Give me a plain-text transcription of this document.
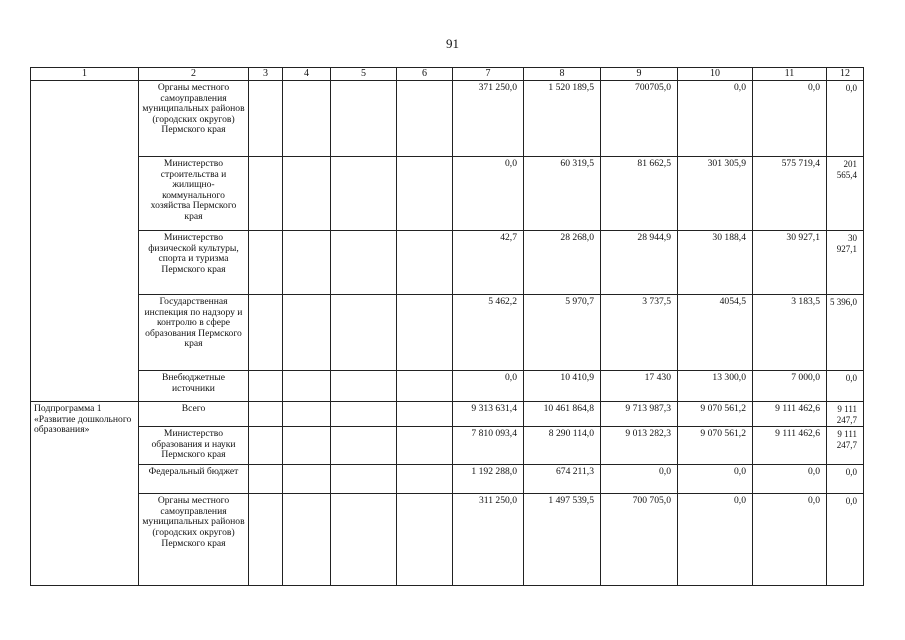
91
1	2	3	4	5	6	7	8	9	10	11	12
	Органы местного самоуправления муниципальных районов (городских округов) Пермского края					371 250,0	1 520 189,5	700705,0	0,0	0,0	0,0
	Министерство строительства и жилищно-коммунального хозяйства Пермского края					0,0	60 319,5	81 662,5	301 305,9	575 719,4	201 565,4
	Министерство физической культуры, спорта и туризма Пермского края					42,7	28 268,0	28 944,9	30 188,4	30 927,1	30 927,1
	Государственная инспекция по надзору и контролю в сфере образования Пермского края					5 462,2	5 970,7	3 737,5	4054,5	3 183,5	5 396,0
	Внебюджетные источники					0,0	10 410,9	17 430	13 300,0	7 000,0	0,0
Подпрограмма 1 «Развитие дошкольного образования»	Всего					9 313 631,4	10 461 864,8	9 713 987,3	9 070 561,2	9 111 462,6	9 111 247,7
	Министерство образования и науки Пермского края					7 810 093,4	8 290 114,0	9 013 282,3	9 070 561,2	9 111 462,6	9 111 247,7
	Федеральный бюджет					1 192 288,0	674 211,3	0,0	0,0	0,0	0,0
	Органы местного самоуправления муниципальных районов (городских округов) Пермского края					311 250,0	1 497 539,5	700 705,0	0,0	0,0	0,0
